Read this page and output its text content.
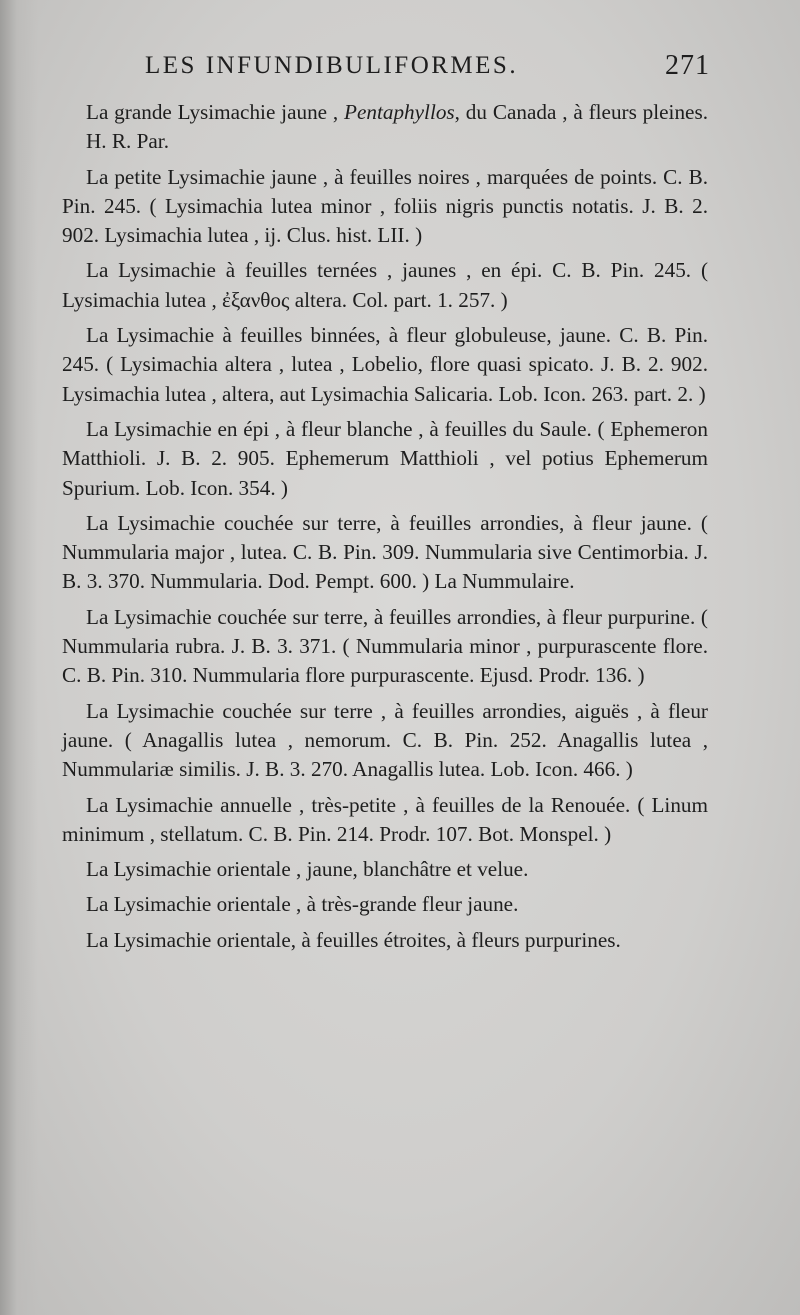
LES INFUNDIBULIFORMES.	271

La grande Lysimachie jaune , Pentaphyllos, du Canada , à fleurs pleines. H. R. Par.

La petite Lysimachie jaune , à feuilles noires , marquées de points. C. B. Pin. 245. ( Lysimachia lutea minor , foliis nigris punctis notatis. J. B. 2. 902. Lysimachia lutea , ij. Clus. hist. LII. )

La Lysimachie à feuilles ternées , jaunes , en épi. C. B. Pin. 245. ( Lysimachia lutea , ἐξανθος altera. Col. part. 1. 257. )

La Lysimachie à feuilles binnées, à fleur globuleuse, jaune. C. B. Pin. 245. ( Lysimachia altera , lutea , Lobelio, flore quasi spicato. J. B. 2. 902. Lysimachia lutea , altera, aut Lysimachia Salicaria. Lob. Icon. 263. part. 2. )

La Lysimachie en épi , à fleur blanche , à feuilles du Saule. ( Ephemeron Matthioli. J. B. 2. 905. Ephemerum Matthioli , vel potius Ephemerum Spurium. Lob. Icon. 354. )

La Lysimachie couchée sur terre, à feuilles arrondies, à fleur jaune. ( Nummularia major , lutea. C. B. Pin. 309. Nummularia sive Centimorbia. J. B. 3. 370. Nummularia. Dod. Pempt. 600. ) La Nummulaire.

La Lysimachie couchée sur terre, à feuilles arrondies, à fleur purpurine. ( Nummularia rubra. J. B. 3. 371. ( Nummularia minor , purpurascente flore. C. B. Pin. 310. Nummularia flore purpurascente. Ejusd. Prodr. 136. )

La Lysimachie couchée sur terre , à feuilles arrondies, aiguës , à fleur jaune. ( Anagallis lutea , nemorum. C. B. Pin. 252. Anagallis lutea , Nummulariæ similis. J. B. 3. 270. Anagallis lutea. Lob. Icon. 466. )

La Lysimachie annuelle , très-petite , à feuilles de la Renouée. ( Linum minimum , stellatum. C. B. Pin. 214. Prodr. 107. Bot. Monspel. )

La Lysimachie orientale , jaune, blanchâtre et velue.

La Lysimachie orientale , à très-grande fleur jaune.

La Lysimachie orientale, à feuilles étroites, à fleurs purpurines.
